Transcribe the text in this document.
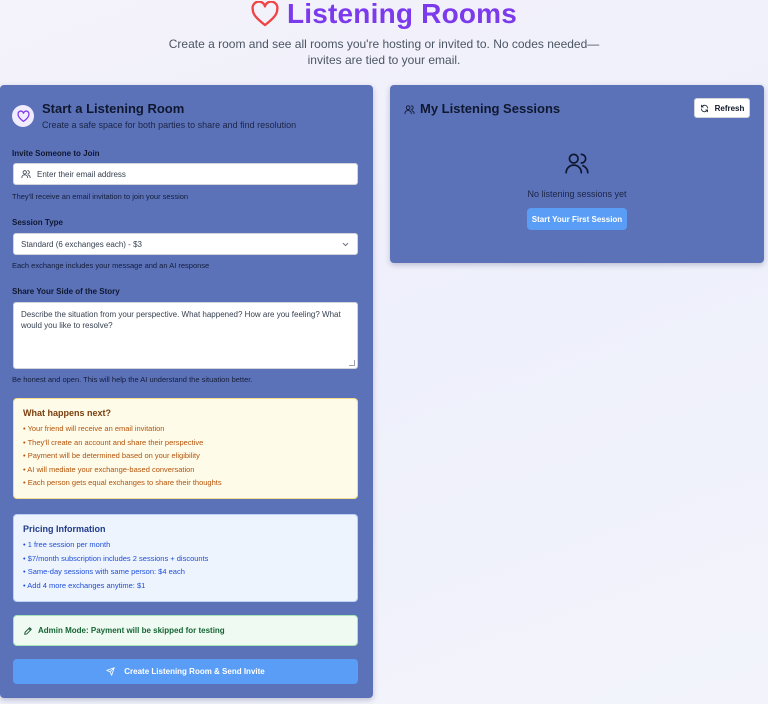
Listening Rooms
Create a room and see all rooms you're hosting or invited to. No codes needed— invites are tied to your email.
Start a Listening Room
Create a safe space for both parties to share and find resolution
Invite Someone to Join
They'll receive an email invitation to join your session
Session Type
Each exchange includes your message and an AI response
Share Your Side of the Story
Be honest and open. This will help the AI understand the situation better.
Enter their email address
Standard (6 exchanges each) - $3
Describe the situation from your perspective. What happened? How are you feeling? What would you like to resolve?
What happens next?
• Your friend will receive an email invitation
• They'll create an account and share their perspective
• Payment will be determined based on your eligibility
• AI will mediate your exchange-based conversation
• Each person gets equal exchanges to share their thoughts
Pricing Information
• 1 free session per month
• $7/month subscription includes 2 sessions + discounts
• Same-day sessions with same person: $4 each
• Add 4 more exchanges anytime: $1
Admin Mode: Payment will be skipped for testing
Create Listening Room & Send Invite
My Listening Sessions	Refresh
No listening sessions yet
Start Your First Session
